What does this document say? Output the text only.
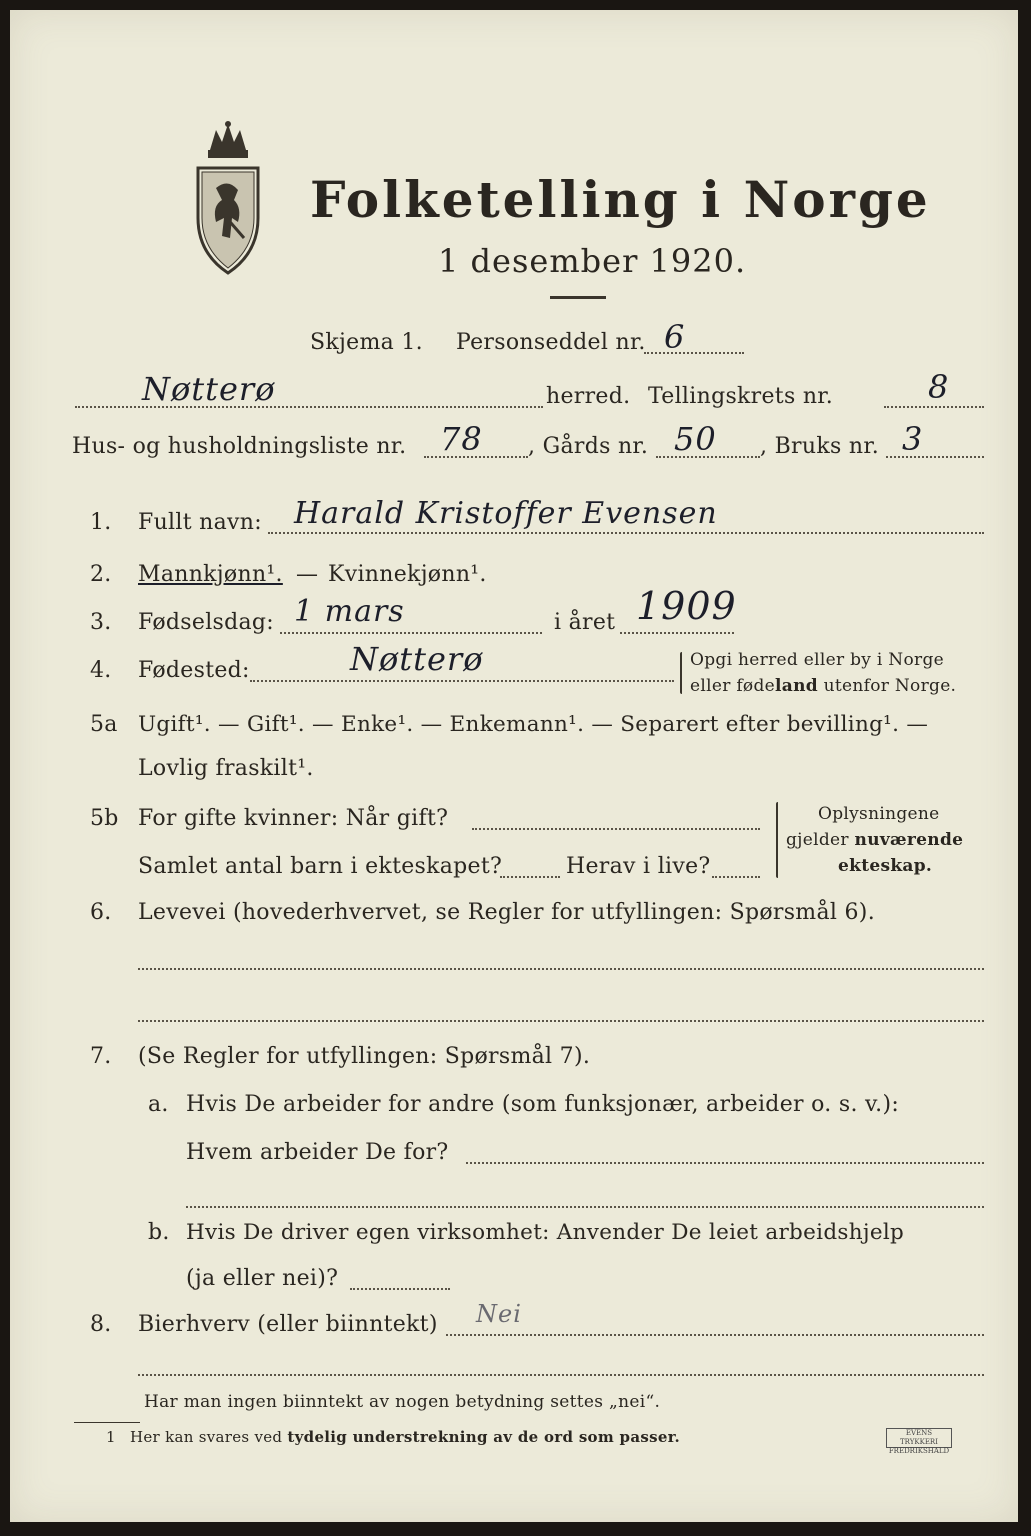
Folketelling i Norge
1 desember 1920.
Skjema 1. Personseddel nr. 6
Nøtterø	herred. Tellingskrets nr.	8
Hus- og husholdningsliste nr. 78 , Gårds nr. 50 , Bruks nr. 3
1. Fullt navn: Harald Kristoffer Evensen
2. Mannkjønn¹. — Kvinnekjønn¹.
3. Fødselsdag: 1 mars	i året 1909
4. Fødested:	Nøtterø	Opgi herred eller by i Norge
eller fødeland utenfor Norge.
5a Ugift¹. — Gift¹. — Enke¹. — Enkemann¹. — Separert efter bevilling¹. —
Lovlig fraskilt¹.
5b For gifte kvinner: Når gift?
Samlet antal barn i ekteskapet?	Herav i live?
Oplysningene
gjelder nuværende
ekteskap.
6. Levevei (hovederhvervet, se Regler for utfyllingen: Spørsmål 6).
7. (Se Regler for utfyllingen: Spørsmål 7).
a. Hvis De arbeider for andre (som funksjonær, arbeider o. s. v.):
Hvem arbeider De for?
b. Hvis De driver egen virksomhet: Anvender De leiet arbeidshjelp
(ja eller nei)?
8. Bierhverv (eller biinntekt) Nei
Har man ingen biinntekt av nogen betydning settes „nei“.
1 Her kan svares ved tydelig understrekning av de ord som passer.	EVENS TRYKKERI FREDRIKSHALD
